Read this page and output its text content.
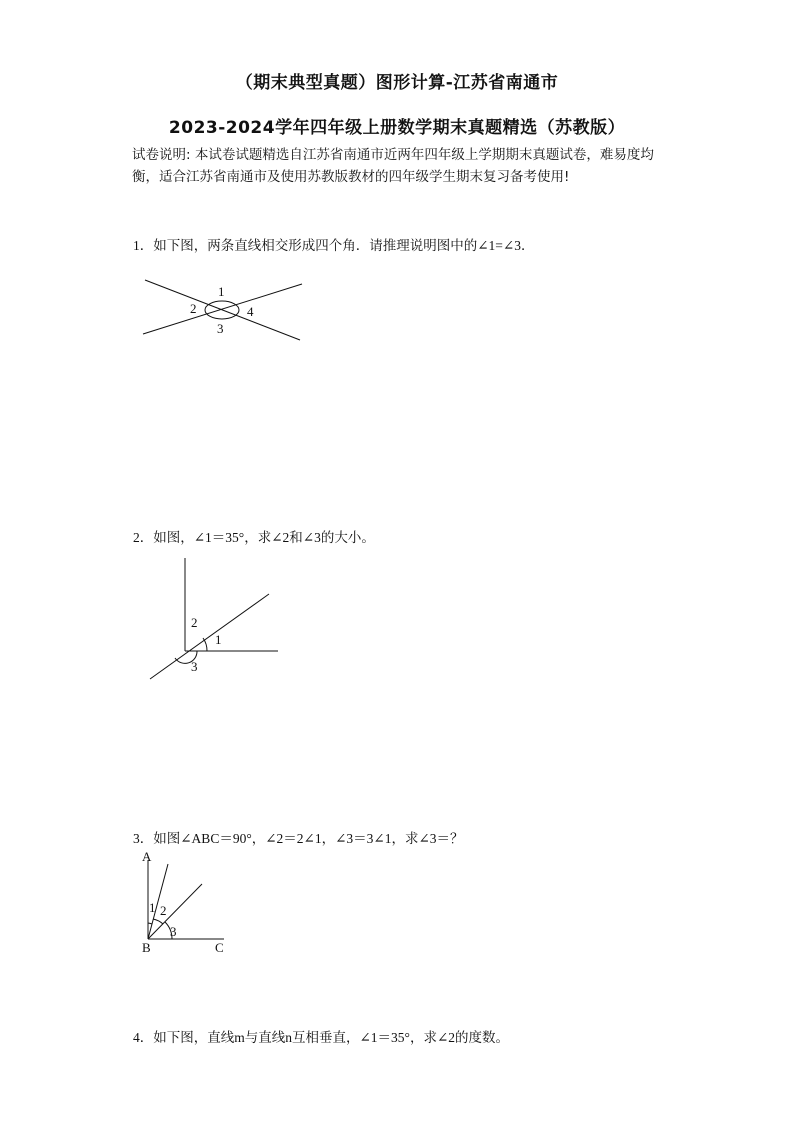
（期末典型真题）图形计算-江苏省南通市
2023-2024学年四年级上册数学期末真题精选（苏教版）
试卷说明: 本试卷试题精选自江苏省南通市近两年四年级上学期期末真题试卷，难易度均衡，适合江苏省南通市及使用苏教版教材的四年级学生期末复习备考使用!
1．如下图，两条直线相交形成四个角．请推理说明图中的∠1=∠3．
1
2
3
4
2．如图，∠1＝35°，求∠2和∠3的大小。
2
1
3
3．如图∠ABC＝90°，∠2＝2∠1，∠3＝3∠1，求∠3＝？
A
1 2
3
B	C
4．如下图，直线m与直线n互相垂直，∠1＝35°，求∠2的度数。
